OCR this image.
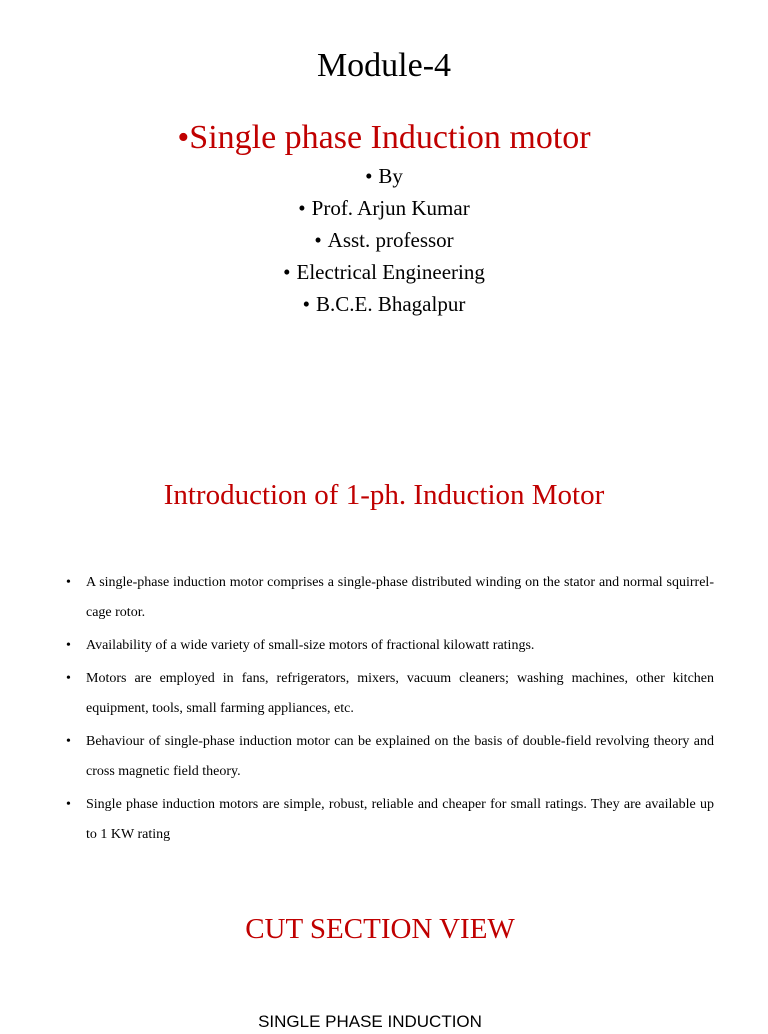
Module-4
•Single phase Induction motor
• By
• Prof. Arjun Kumar
• Asst. professor
• Electrical Engineering
• B.C.E. Bhagalpur
Introduction of 1-ph. Induction Motor
• A single-phase induction motor comprises a single-phase distributed winding on the stator and normal squirrel-cage rotor.
• Availability of a wide variety of small-size motors of fractional kilowatt ratings.
• Motors are employed in fans, refrigerators, mixers, vacuum cleaners; washing machines, other kitchen equipment, tools, small farming appliances, etc.
• Behaviour of single-phase induction motor can be explained on the basis of double-field revolving theory and cross magnetic field theory.
• Single phase induction motors are simple, robust, reliable and cheaper for small ratings. They are available up to 1 KW rating
CUT SECTION VIEW
SINGLE PHASE INDUCTION
